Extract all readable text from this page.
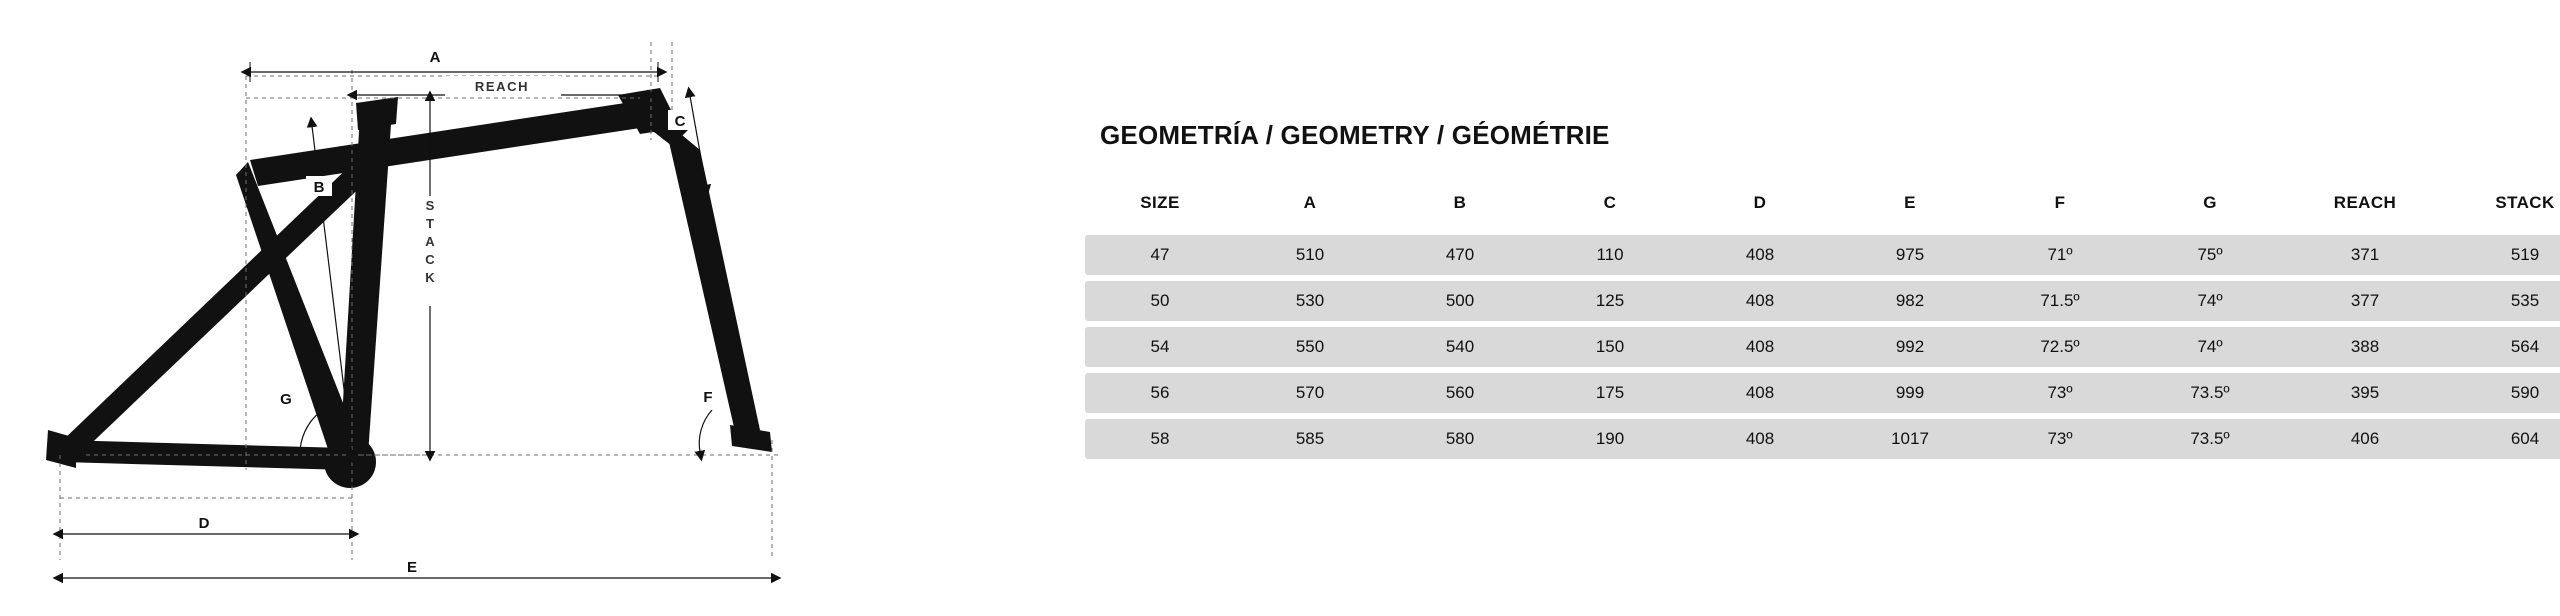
A
REACH
B
C
S
T
A
C
K
D
E
G	F
GEOMETRÍA / GEOMETRY / GÉOMÉTRIE
SIZE	A	B	C	D	E	F	G	REACH	STACK
47	510	470	110	408	975	71º	75º	371	519
50	530	500	125	408	982	71.5º	74º	377	535
54	550	540	150	408	992	72.5º	74º	388	564
56	570	560	175	408	999	73º	73.5º	395	590
58	585	580	190	408	1017	73º	73.5º	406	604
